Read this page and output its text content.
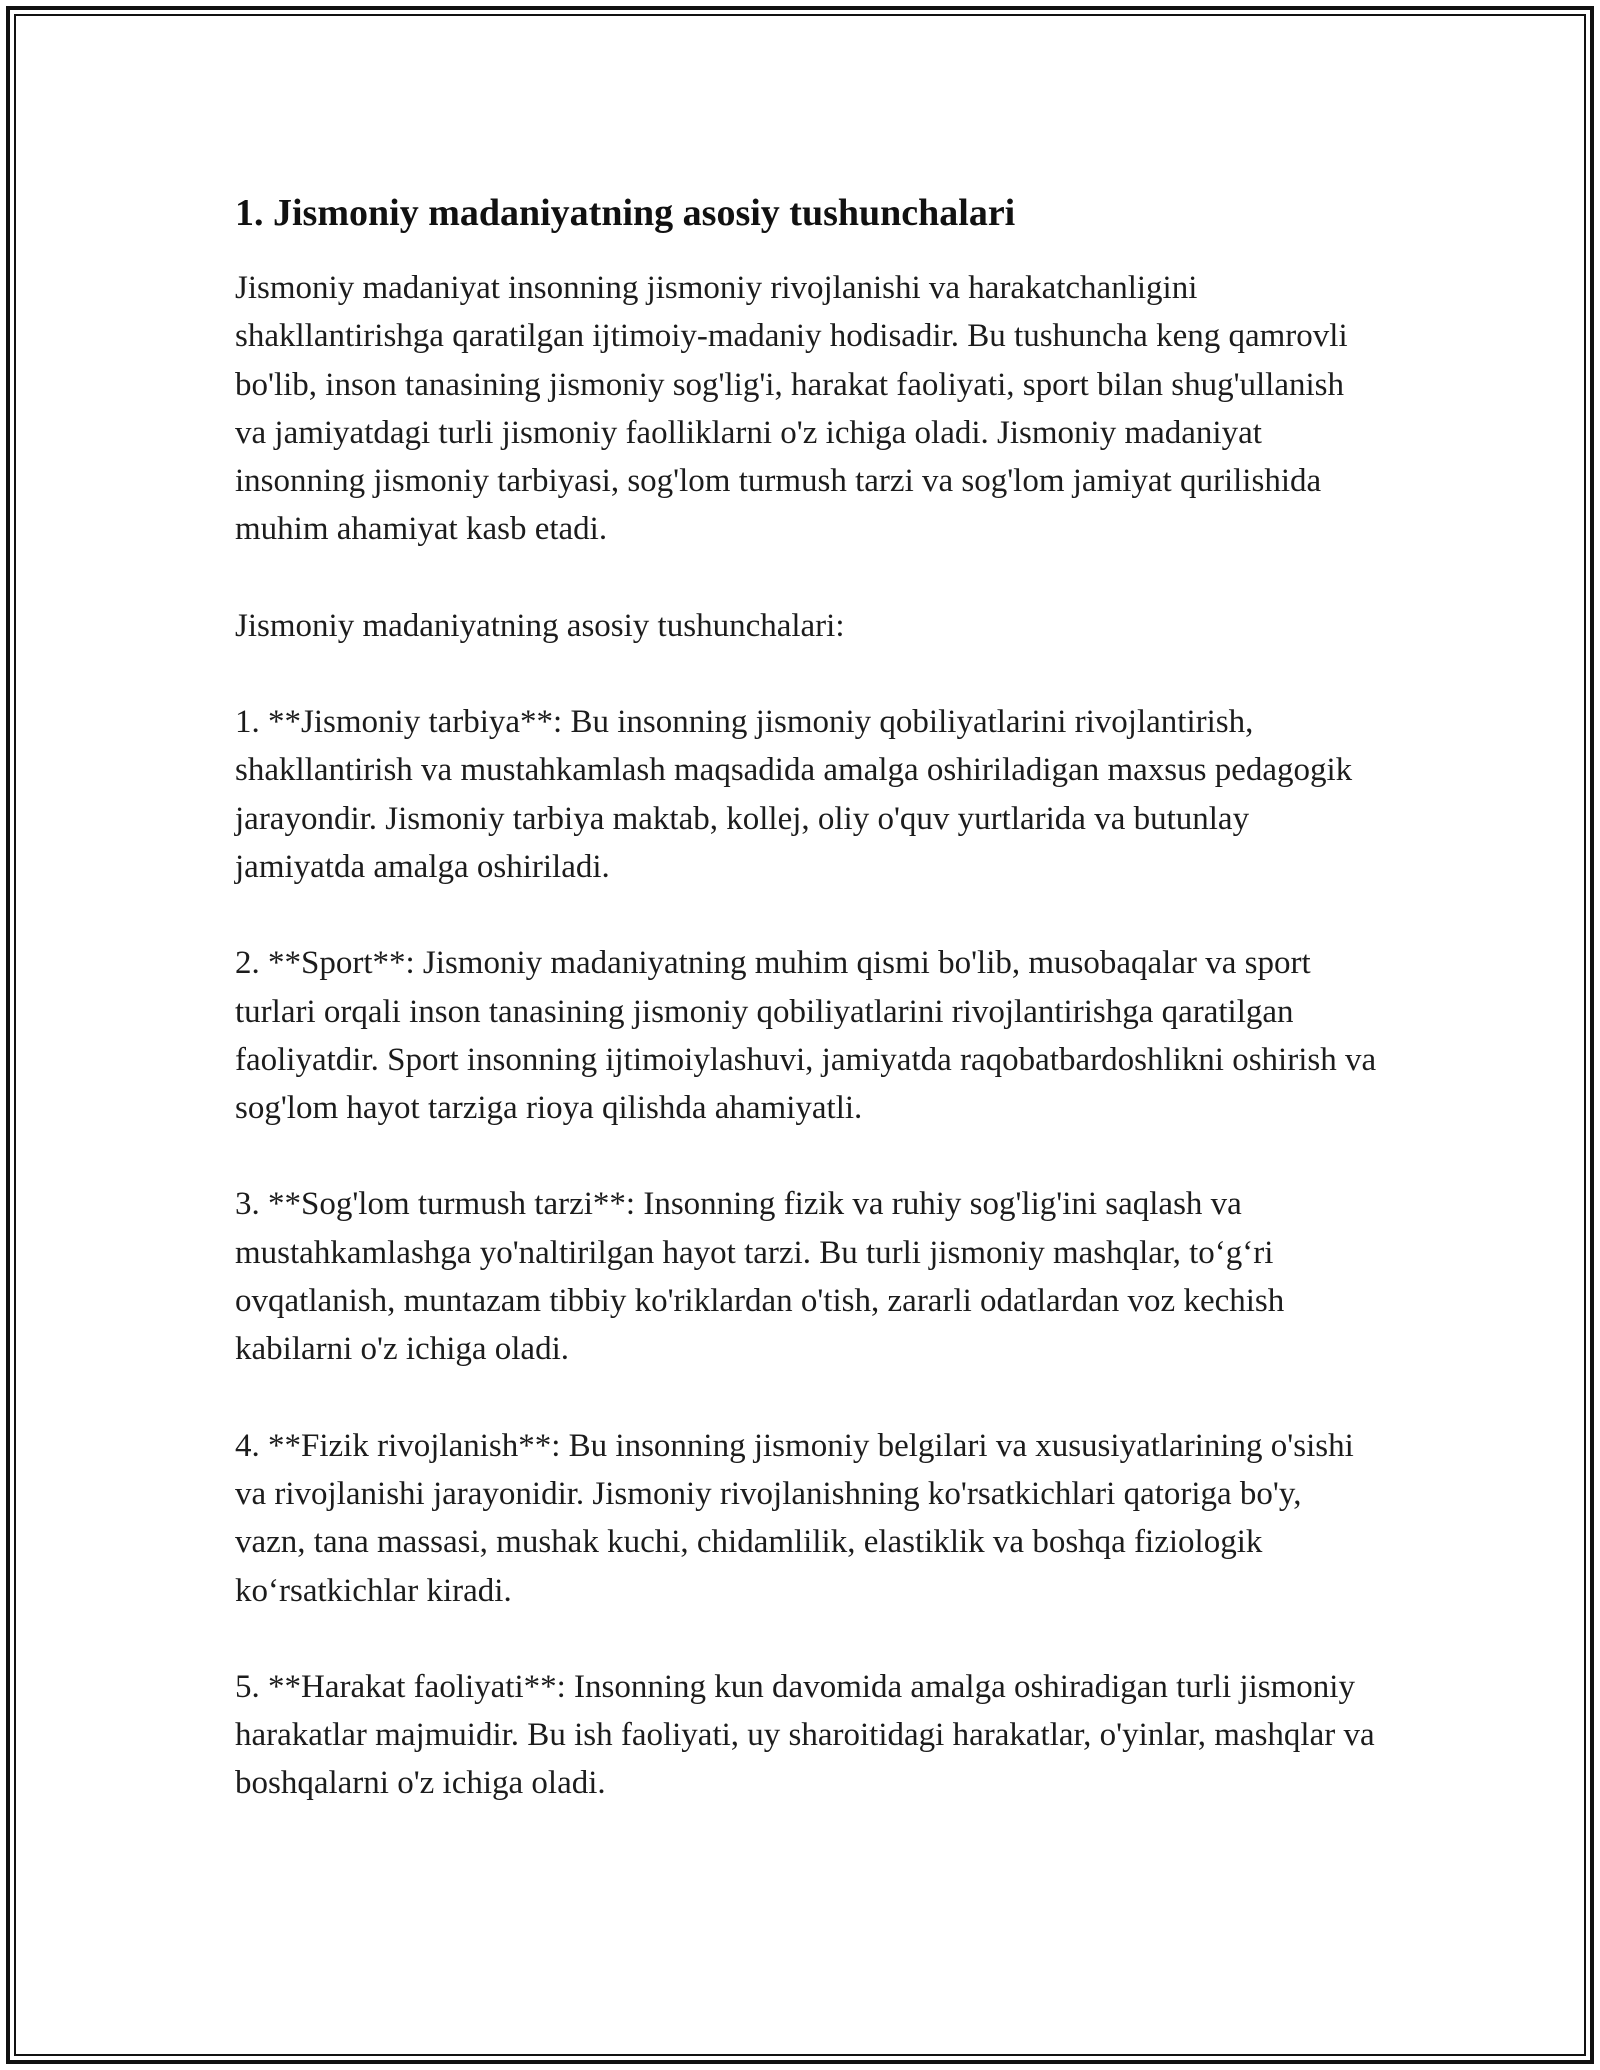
1. Jismoniy madaniyatning asosiy tushunchalari

Jismoniy madaniyat insonning jismoniy rivojlanishi va harakatchanligini shakllantirishga qaratilgan ijtimoiy-madaniy hodisadir. Bu tushuncha keng qamrovli bo'lib, inson tanasining jismoniy sog'lig'i, harakat faoliyati, sport bilan shug'ullanish va jamiyatdagi turli jismoniy faolliklarni o'z ichiga oladi. Jismoniy madaniyat insonning jismoniy tarbiyasi, sog'lom turmush tarzi va sog'lom jamiyat qurilishida muhim ahamiyat kasb etadi.

Jismoniy madaniyatning asosiy tushunchalari:

1. **Jismoniy tarbiya**: Bu insonning jismoniy qobiliyatlarini rivojlantirish, shakllantirish va mustahkamlash maqsadida amalga oshiriladigan maxsus pedagogik jarayondir. Jismoniy tarbiya maktab, kollej, oliy o'quv yurtlarida va butunlay jamiyatda amalga oshiriladi.

2. **Sport**: Jismoniy madaniyatning muhim qismi bo'lib, musobaqalar va sport turlari orqali inson tanasining jismoniy qobiliyatlarini rivojlantirishga qaratilgan faoliyatdir. Sport insonning ijtimoiylashuvi, jamiyatda raqobatbardoshlikni oshirish va sog'lom hayot tarziga rioya qilishda ahamiyatli.

3. **Sog'lom turmush tarzi**: Insonning fizik va ruhiy sog'lig'ini saqlash va mustahkamlashga yo'naltirilgan hayot tarzi. Bu turli jismoniy mashqlar, to‘g‘ri ovqatlanish, muntazam tibbiy ko'riklardan o'tish, zararli odatlardan voz kechish kabilarni o'z ichiga oladi.

4. **Fizik rivojlanish**: Bu insonning jismoniy belgilari va xususiyatlarining o'sishi va rivojlanishi jarayonidir. Jismoniy rivojlanishning ko'rsatkichlari qatoriga bo'y, vazn, tana massasi, mushak kuchi, chidamlilik, elastiklik va boshqa fiziologik ko‘rsatkichlar kiradi.

5. **Harakat faoliyati**: Insonning kun davomida amalga oshiradigan turli jismoniy harakatlar majmuidir. Bu ish faoliyati, uy sharoitidagi harakatlar, o'yinlar, mashqlar va boshqalarni o'z ichiga oladi.
